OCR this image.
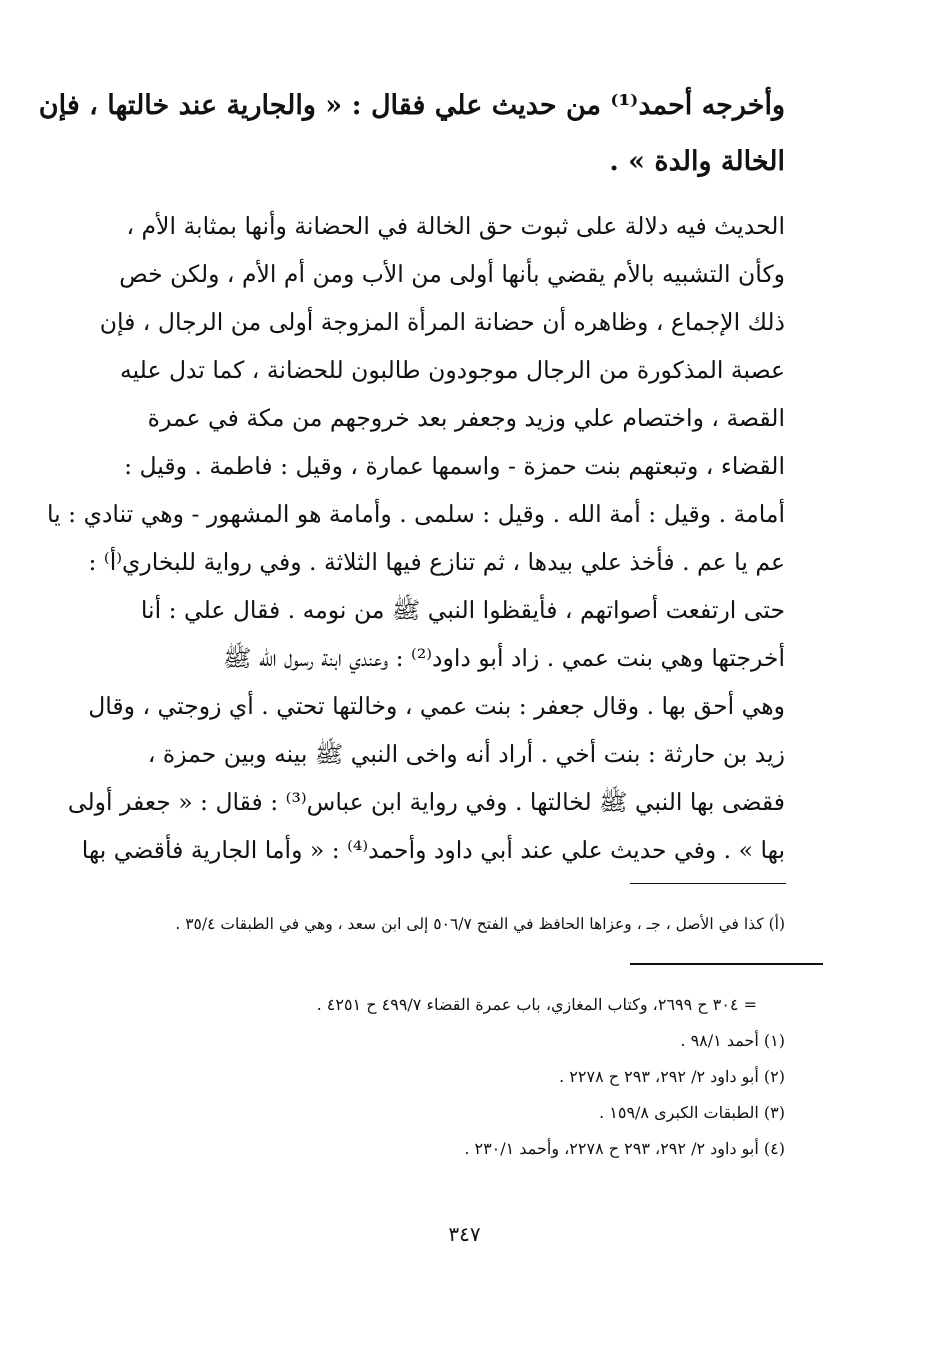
وأخرجه أحمد⁽¹⁾ من حديث علي فقال : « والجارية عند خالتها ، فإن
الخالة والدة » .
الحديث فيه دلالة على ثبوت حق الخالة في الحضانة وأنها بمثابة الأم ،
وكأن التشبيه بالأم يقضي بأنها أولى من الأب ومن أم الأم ، ولكن خص
ذلك الإجماع ، وظاهره أن حضانة المرأة المزوجة أولى من الرجال ، فإن
عصبة المذكورة من الرجال موجودون طالبون للحضانة ، كما تدل عليه
القصة ، واختصام علي وزيد وجعفر بعد خروجهم من مكة في عمرة
القضاء ، وتبعتهم بنت حمزة - واسمها عمارة ، وقيل : فاطمة . وقيل :
أمامة . وقيل : أمة الله . وقيل : سلمى . وأمامة هو المشهور - وهي تنادي : يا
عم يا عم . فأخذ علي بيدها ، ثم تنازع فيها الثلاثة . وفي رواية للبخاري⁽أ⁾ :
حتى ارتفعت أصواتهم ، فأيقظوا النبي ﷺ من نومه . فقال علي : أنا
أخرجتها وهي بنت عمي . زاد أبو داود⁽²⁾ : وعندي ابنة رسول الله ﷺ
وهي أحق بها . وقال جعفر : بنت عمي ، وخالتها تحتي . أي زوجتي ، وقال
زيد بن حارثة : بنت أخي . أراد أنه واخى النبي ﷺ بينه وبين حمزة ،
فقضى بها النبي ﷺ لخالتها . وفي رواية ابن عباس⁽³⁾ : فقال : « جعفر أولى
بها » . وفي حديث علي عند أبي داود وأحمد⁽⁴⁾ : « وأما الجارية فأقضي بها
(أ) كذا في الأصل ، جـ ، وعزاها الحافظ في الفتح ٥٠٦/٧ إلى ابن سعد ، وهي في الطبقات ٣٥/٤ .
= ٣٠٤ ح ٢٦٩٩، وكتاب المغازي، باب عمرة القضاء ٤٩٩/٧ ح ٤٢٥١ .
(١) أحمد ٩٨/١ .
(٢) أبو داود ٢/ ٢٩٢، ٢٩٣ ح ٢٢٧٨ .
(٣) الطبقات الكبرى ١٥٩/٨ .
(٤) أبو داود ٢/ ٢٩٢، ٢٩٣ ح ٢٢٧٨، وأحمد ٢٣٠/١ .
٣٤٧
